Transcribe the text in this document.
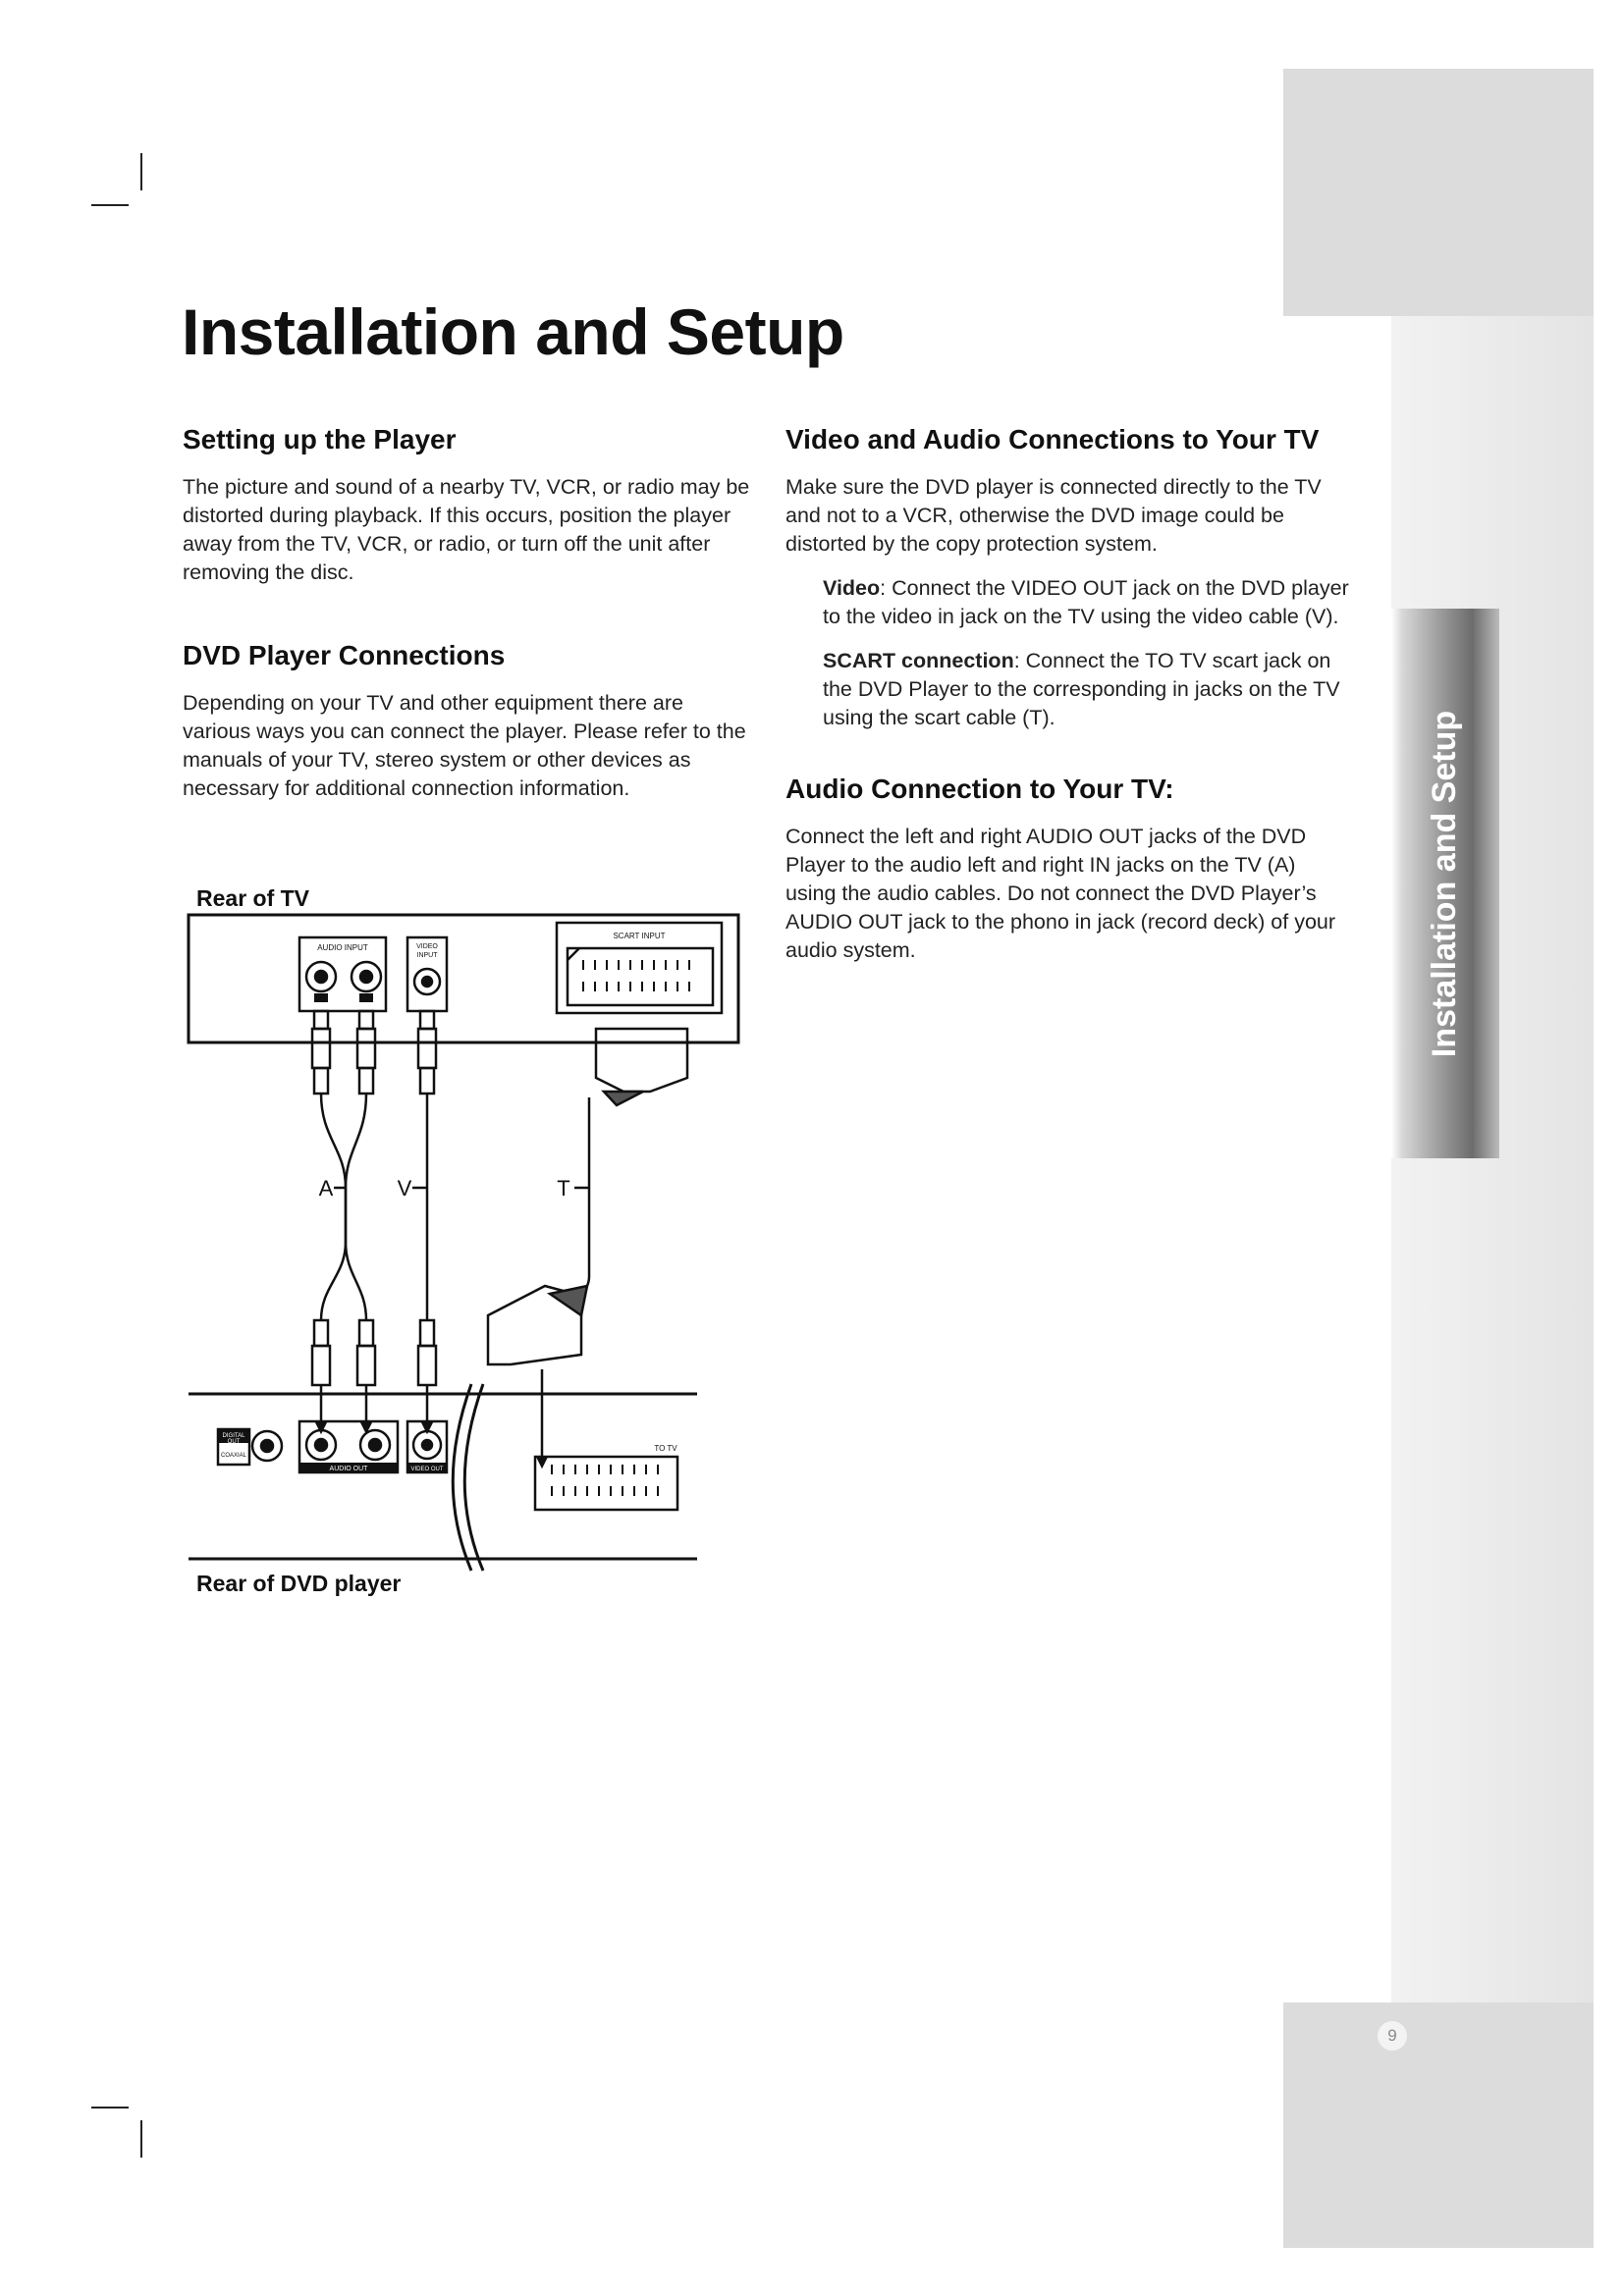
Installation and Setup
9
Installation and Setup
Setting up the Player

The picture and sound of a nearby TV, VCR, or radio may be distorted during playback. If this occurs, position the player away from the TV, VCR, or radio, or turn off the unit after removing the disc.

DVD Player Connections

Depending on your TV and other equipment there are various ways you can connect the player. Please refer to the manuals of your TV, stereo system or other devices as necessary for additional connection information.

Video and Audio Connections to Your TV

Make sure the DVD player is connected directly to the TV and not to a VCR, otherwise the DVD image could be distorted by the copy protection system.

Video: Connect the VIDEO OUT jack on the DVD player to the video in jack on the TV using the video cable (V).

SCART connection: Connect the TO TV scart jack on the DVD Player to the corresponding in jacks on the TV using the scart cable (T).

Audio Connection to Your TV:

Connect the left and right AUDIO OUT jacks of the DVD Player to the audio left and right IN jacks on the TV (A) using the audio cables. Do not connect the DVD Player’s AUDIO OUT jack to the phono in jack (record deck) of your audio system.

Rear of TV
Rear of DVD player
AUDIO INPUT	VIDEO
INPUT
SCART INPUT
A	V	T
DIGITAL
OUT
COAXIAL
AUDIO OUT	VIDEO OUT
TO TV
